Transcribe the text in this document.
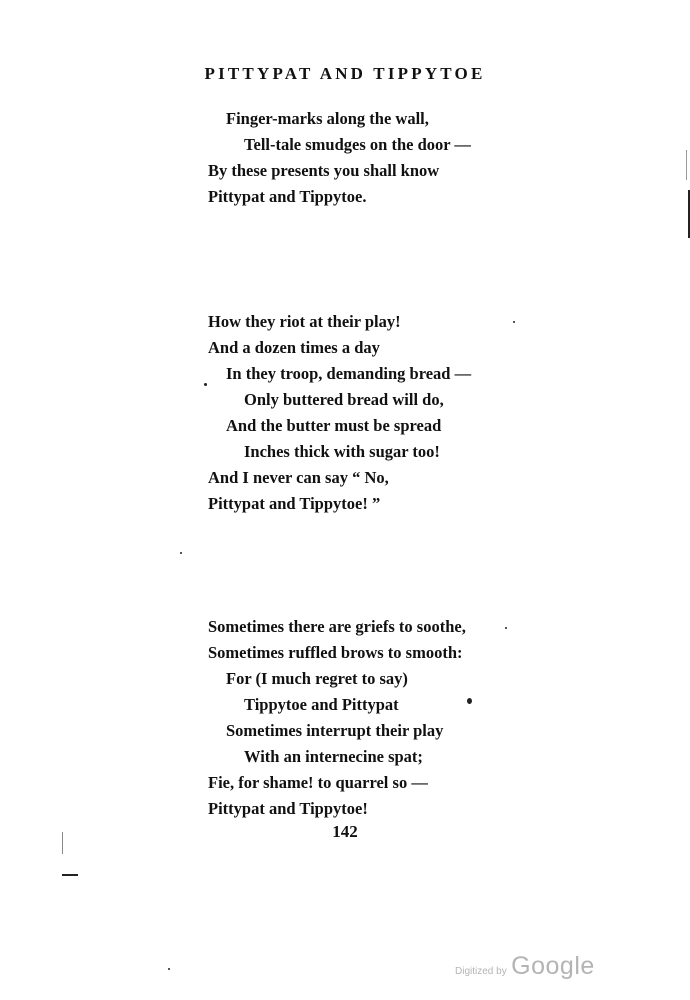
PITTYPAT AND TIPPYTOE
Finger-marks along the wall,
Tell-tale smudges on the door —
By these presents you shall know
Pittypat and Tippytoe.
How they riot at their play!
And a dozen times a day
In they troop, demanding bread —
Only buttered bread will do,
And the butter must be spread
Inches thick with sugar too!
And I never can say “ No,
Pittypat and Tippytoe! ”
Sometimes there are griefs to soothe,
Sometimes ruffled brows to smooth:
For (I much regret to say)
Tippytoe and Pittypat
Sometimes interrupt their play
With an internecine spat;
Fie, for shame! to quarrel so —
Pittypat and Tippytoe!
142
Digitized by Google
